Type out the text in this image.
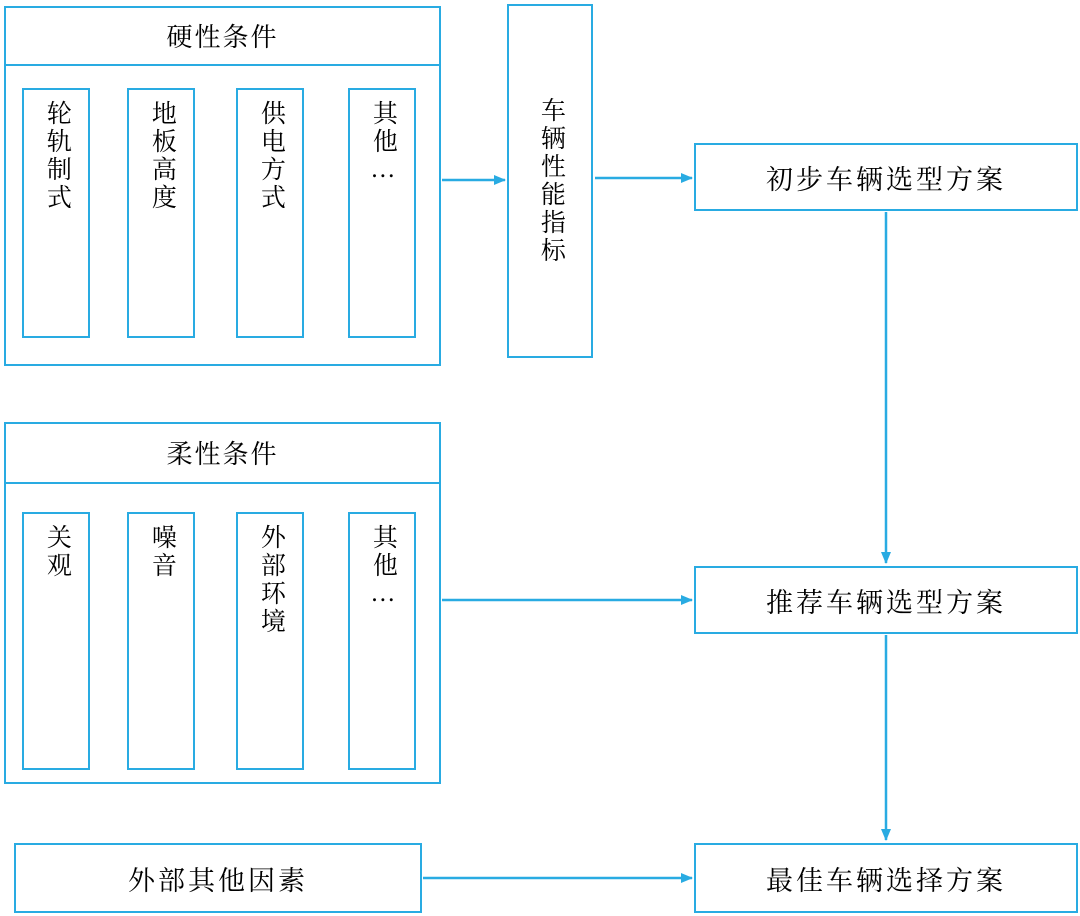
硬性条件
轮轨制式	地板高度	供电方式	其他…	车辆性能指标	初步车辆选型方案
柔性条件
关观	噪音	外部环境	其他…	推荐车辆选型方案
外部其他因素	最佳车辆选择方案
